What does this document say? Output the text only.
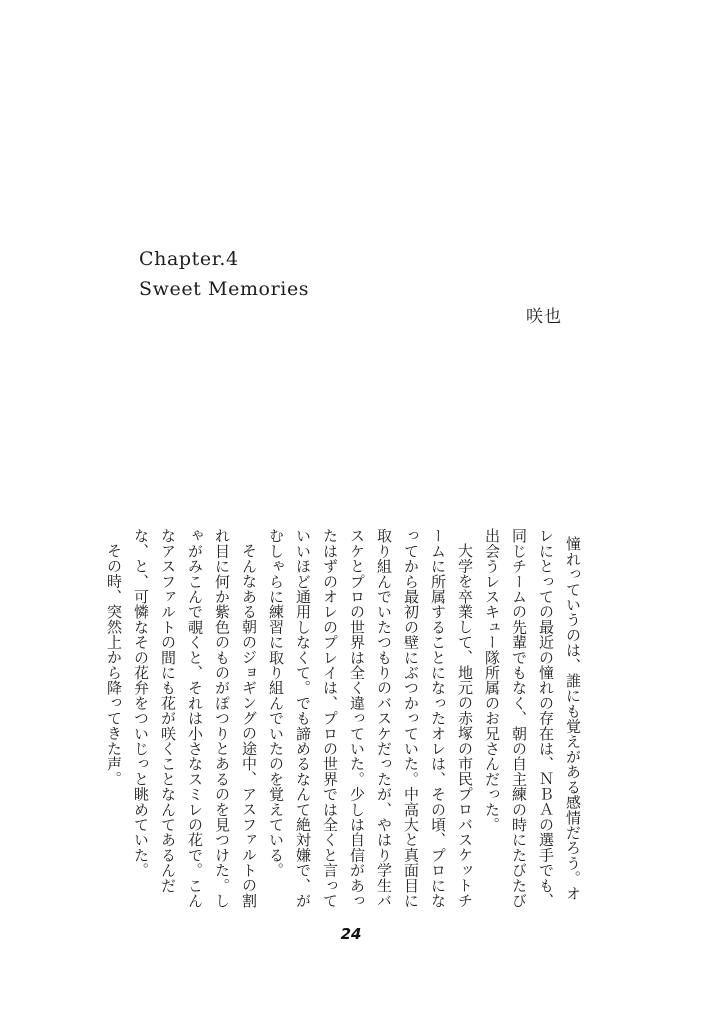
Chapter.4
Sweet Memories
咲也

憧れっていうのは、誰にも覚えがある感情だろう。オレにとっての最近の憧れの存在は、ＮＢＡの選手でも、同じチームの先輩でもなく、朝の自主練の時にたびたび出会うレスキュー隊所属のお兄さんだった。

大学を卒業して、地元の赤塚の市民プロバスケットチームに所属することになったオレは、その頃、プロになってから最初の壁にぶつかっていた。中高大と真面目に取り組んでいたつもりのバスケだったが、やはり学生バスケとプロの世界は全く違っていた。少しは自信があったはずのオレのプレイは、プロの世界では全くと言っていいほど通用しなくて。でも諦めるなんて絶対嫌で、がむしゃらに練習に取り組んでいたのを覚えている。

そんなある朝のジョギングの途中、アスファルトの割れ目に何か紫色のものがぽつりとあるのを見つけた。しゃがみこんで覗くと、それは小さなスミレの花で。こんなアスファルトの間にも花が咲くことなんてあるんだな、と、可憐なその花弁をついじっと眺めていた。

その時、突然上から降ってきた声。

24
